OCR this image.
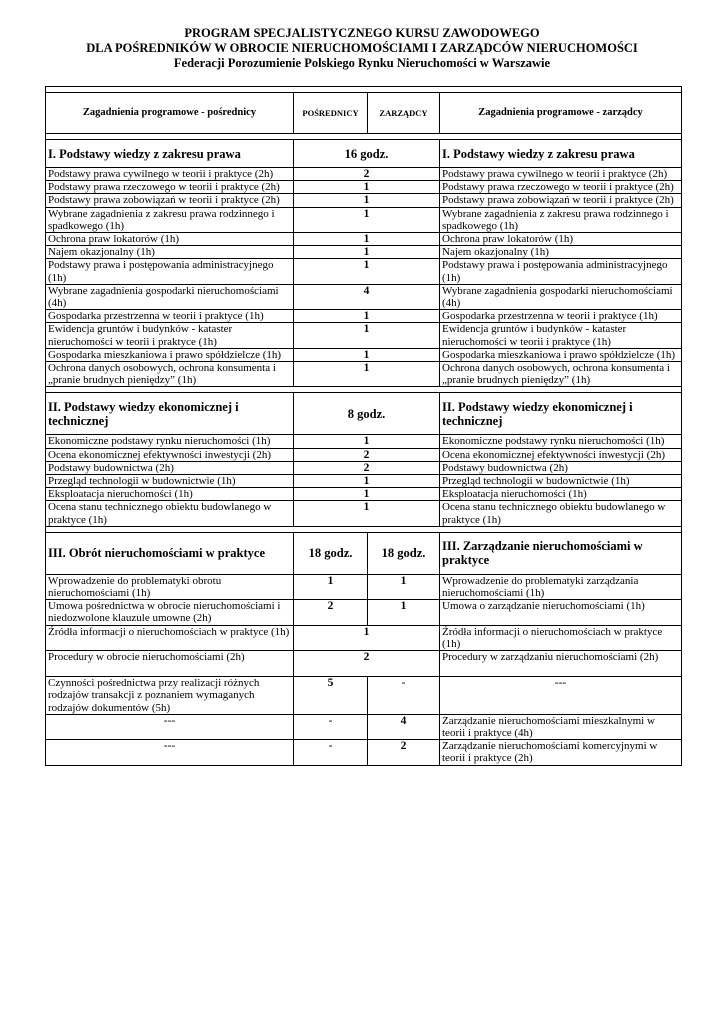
PROGRAM SPECJALISTYCZNEGO KURSU ZAWODOWEGO
DLA POŚREDNIKÓW W OBROCIE NIERUCHOMOŚCIAMI I ZARZĄDCÓW NIERUCHOMOŚCI
Federacji Porozumienie Polskiego Rynku Nieruchomości w Warszawie

Zagadnienia programowe - pośrednicy	POŚREDNICY	ZARZĄDCY	Zagadnienia programowe - zarządcy

I. Podstawy wiedzy z zakresu prawa	16 godz.		I. Podstawy wiedzy z zakresu prawa
Podstawy prawa cywilnego w teorii i praktyce (2h)	2		Podstawy prawa cywilnego w teorii i praktyce (2h)
Podstawy prawa rzeczowego w teorii i praktyce (2h)	1		Podstawy prawa rzeczowego w teorii i praktyce (2h)
Podstawy prawa zobowiązań w teorii i praktyce (2h)	1		Podstawy prawa zobowiązań w teorii i praktyce (2h)
Wybrane zagadnienia z zakresu prawa rodzinnego i spadkowego (1h)	1		Wybrane zagadnienia z zakresu prawa rodzinnego i spadkowego (1h)
Ochrona praw lokatorów (1h)	1		Ochrona praw lokatorów (1h)
Najem okazjonalny (1h)	1		Najem okazjonalny (1h)
Podstawy prawa i postępowania administracyjnego (1h)	1		Podstawy prawa i postępowania administracyjnego (1h)
Wybrane zagadnienia gospodarki nieruchomościami (4h)	4		Wybrane zagadnienia gospodarki nieruchomościami (4h)
Gospodarka przestrzenna w teorii i praktyce (1h)	1		Gospodarka przestrzenna w teorii i praktyce (1h)
Ewidencja gruntów i budynków - kataster nieruchomości w teorii i praktyce (1h)	1		Ewidencja gruntów i budynków - kataster nieruchomości w teorii i praktyce (1h)
Gospodarka mieszkaniowa i prawo spółdzielcze (1h)	1		Gospodarka mieszkaniowa i prawo spółdzielcze (1h)
Ochrona danych osobowych, ochrona konsumenta i „pranie brudnych pieniędzy” (1h)	1		Ochrona danych osobowych, ochrona konsumenta i „pranie brudnych pieniędzy” (1h)

II. Podstawy wiedzy ekonomicznej i technicznej	8 godz.		II. Podstawy wiedzy ekonomicznej i technicznej
Ekonomiczne podstawy rynku nieruchomości (1h)	1		Ekonomiczne podstawy rynku nieruchomości (1h)
Ocena ekonomicznej efektywności inwestycji (2h)	2		Ocena ekonomicznej efektywności inwestycji (2h)
Podstawy budownictwa (2h)	2		Podstawy budownictwa (2h)
Przegląd technologii w budownictwie (1h)	1		Przegląd technologii w budownictwie (1h)
Eksploatacja nieruchomości (1h)	1		Eksploatacja nieruchomości (1h)
Ocena stanu technicznego obiektu budowlanego w praktyce (1h)	1		Ocena stanu technicznego obiektu budowlanego w praktyce (1h)

III. Obrót nieruchomościami w praktyce	18 godz.	18 godz.	III. Zarządzanie nieruchomościami w praktyce
Wprowadzenie do problematyki obrotu nieruchomościami (1h)	1	1	Wprowadzenie do problematyki zarządzania nieruchomościami (1h)
Umowa pośrednictwa w obrocie nieruchomościami i niedozwolone klauzule umowne (2h)	2	1	Umowa o zarządzanie nieruchomościami (1h)
Źródła informacji o nieruchomościach w praktyce (1h)	1		Źródła informacji o nieruchomościach w praktyce (1h)
Procedury w obrocie nieruchomościami (2h)	2		Procedury w zarządzaniu nieruchomościami (2h)
Czynności pośrednictwa przy realizacji różnych rodzajów transakcji z poznaniem wymaganych rodzajów dokumentów (5h)	5	-	---
---	-	4	Zarządzanie nieruchomościami mieszkalnymi w teorii i praktyce (4h)
---	-	2	Zarządzanie nieruchomościami komercyjnymi w teorii i praktyce (2h)
